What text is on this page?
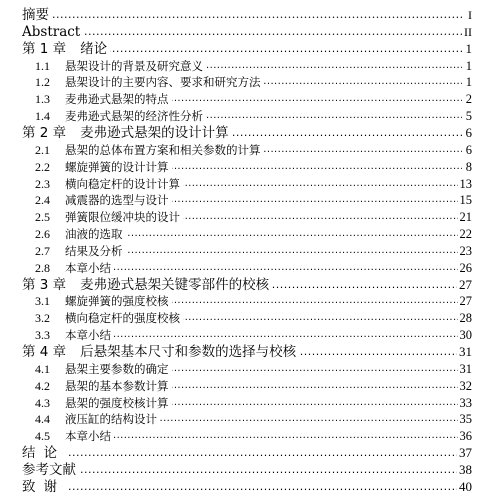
.....
摘要	I
.....
Abstract	II
.....
第 1 章 绪论	1
.....
1.1 悬架设计的背景及研究意义	1
.....
1.2 悬架设计的主要内容、要求和研究方法	1
.....
1.3 麦弗逊式悬架的特点	2
.....
1.4 麦弗逊式悬架的经济性分析	5
.....
第 2 章 麦弗逊式悬架的设计计算	6
.....
2.1 悬架的总体布置方案和相关参数的计算	6
.....
2.2 螺旋弹簧的设计计算	8
.....
2.3 横向稳定杆的设计计算	13
.....
2.4 减震器的选型与设计	15
.....
2.5 弹簧限位缓冲块的设计	21
.....
2.6 油液的选取	22
.....
2.7 结果及分析	23
.....
2.8 本章小结	26
.....
第 3 章 麦弗逊式悬架关键零部件的校核	27
.....
3.1 螺旋弹簧的强度校核	27
.....
3.2 横向稳定杆的强度校核	28
.....
3.3 本章小结	30
.....
第 4 章 后悬架基本尺寸和参数的选择与校核	31
.....
4.1 悬架主要参数的确定	31
.....
4.2 悬架的基本参数计算	32
.....
4.3 悬架的强度校核计算	33
.....
4.4 液压缸的结构设计	35
.....
4.5 本章小结	36
.....
结论	37
.....
参考文献	38
.....
致谢	40
